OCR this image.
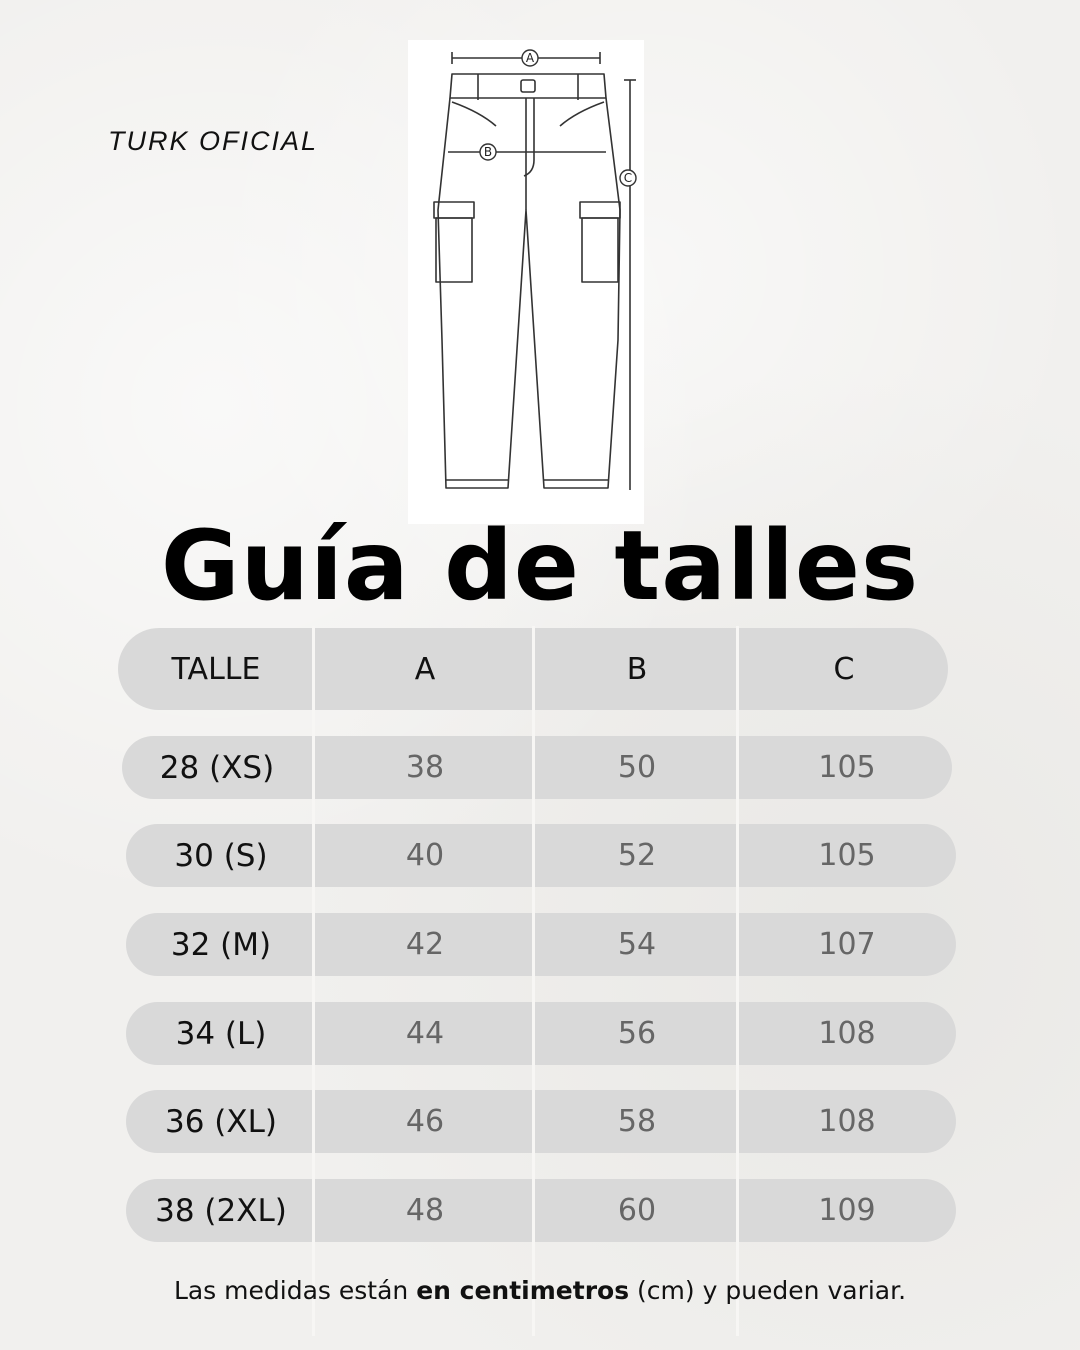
TURK OFICIAL
A
B
C
Guía de talles
TALLE	A	B	C
28 (XS)	38	50	105
30 (S)	40	52	105
32 (M)	42	54	107
34 (L)	44	56	108
36 (XL)	46	58	108
38 (2XL)	48	60	109
Las medidas están en centimetros (cm) y pueden variar.
